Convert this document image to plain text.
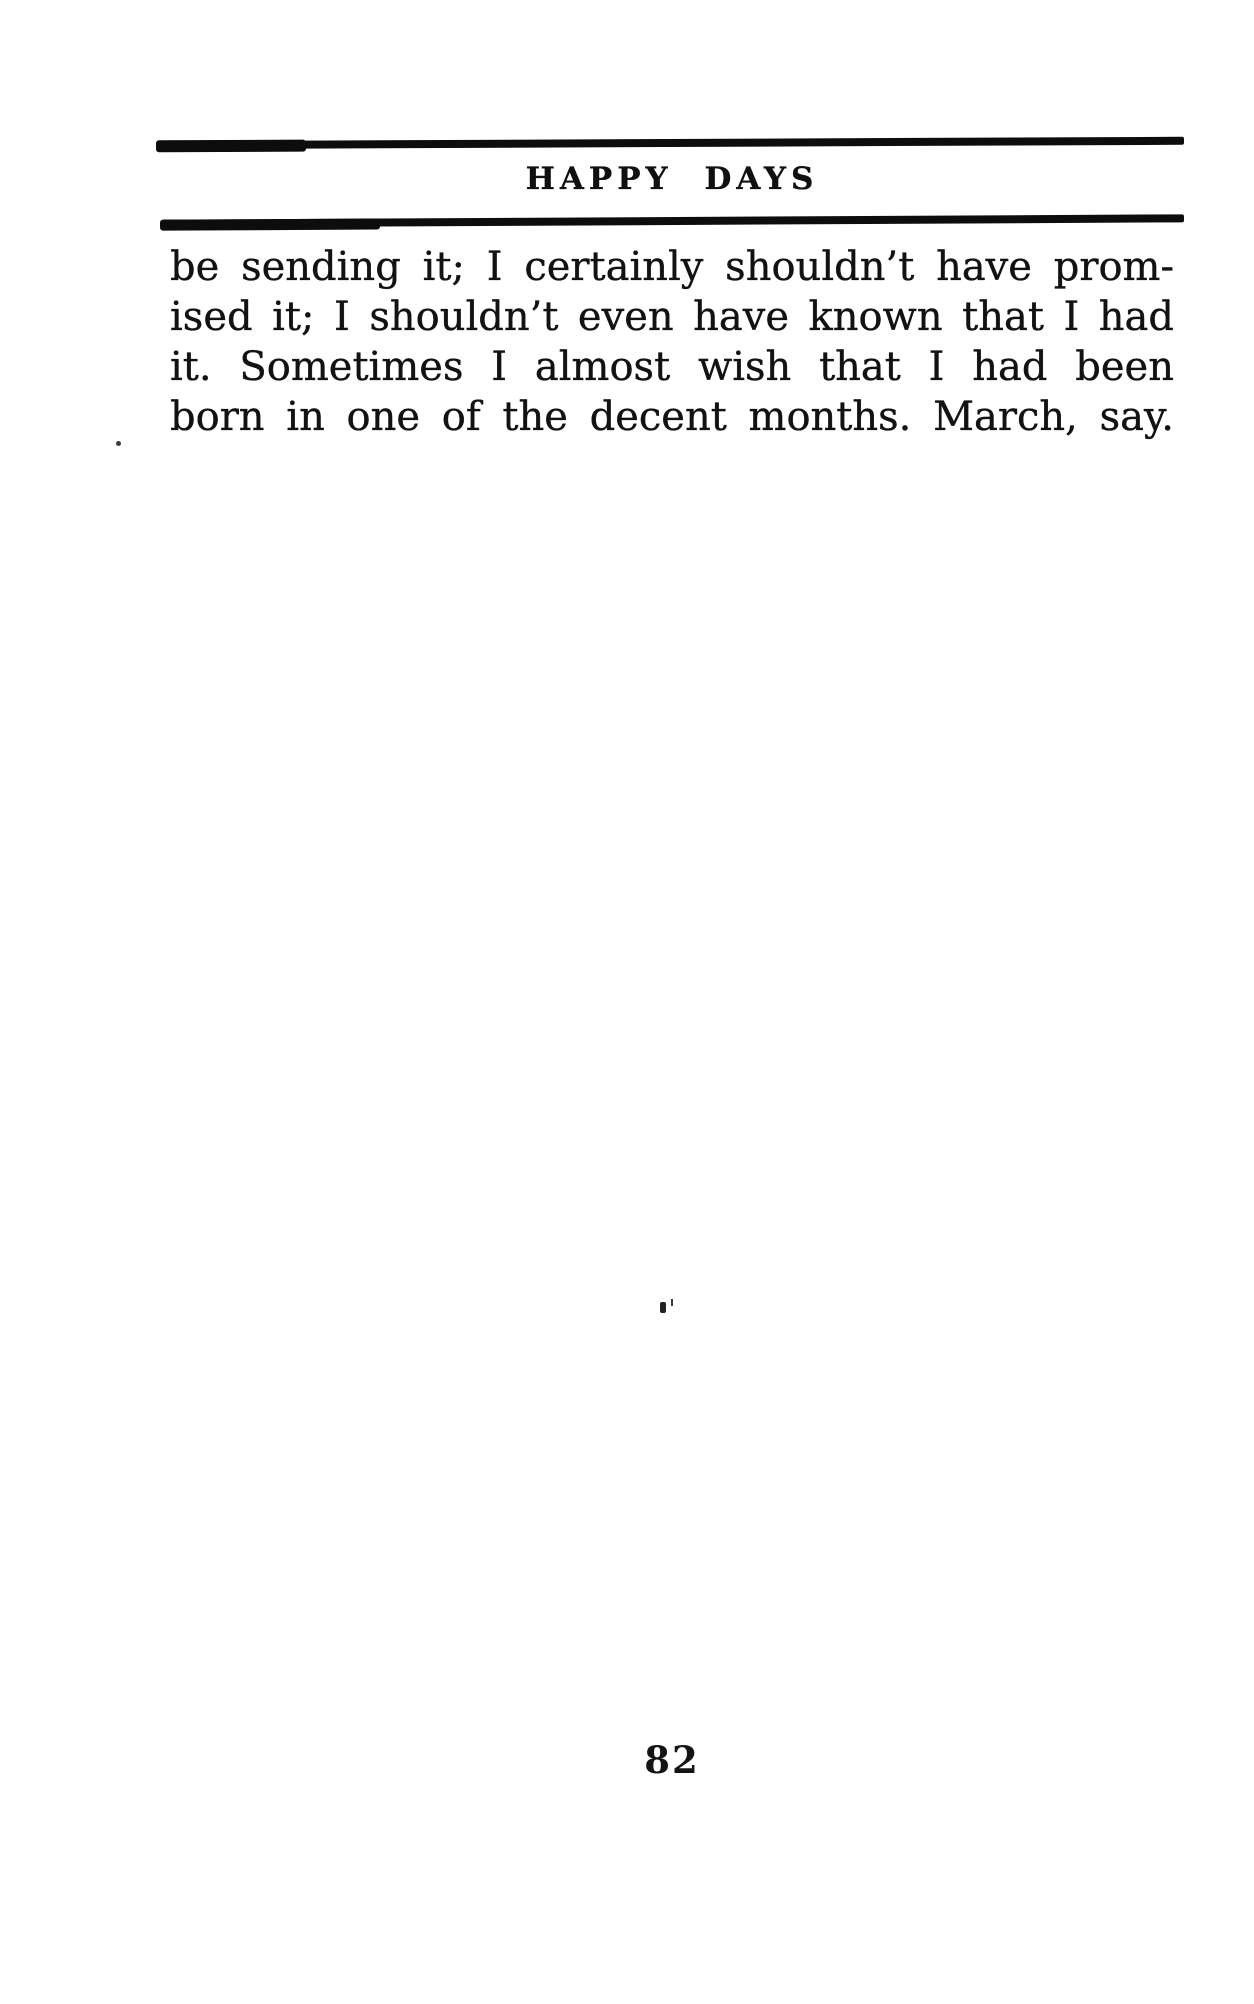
HAPPY DAYS
be sending it; I certainly shouldn’t have prom-
ised it; I shouldn’t even have known that I had
it. Sometimes I almost wish that I had been
born in one of the decent months. March, say.
82
